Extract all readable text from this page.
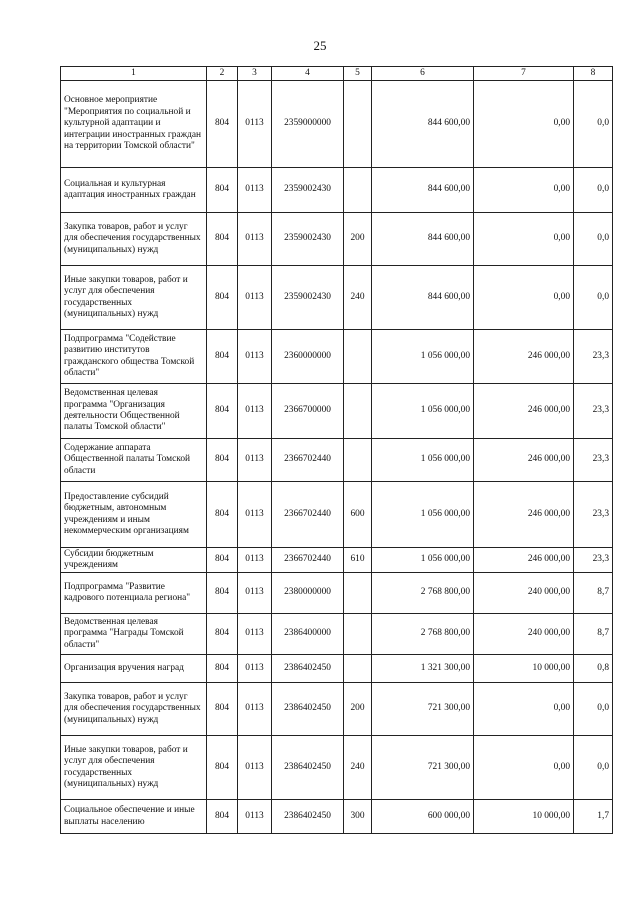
25
1	2	3	4	5	6	7	8
Основное мероприятие "Мероприятия по социальной и культурной адаптации и интеграции иностранных граждан на территории Томской области"	804	0113	2359000000		844 600,00	0,00	0,0
Социальная и культурная адаптация иностранных граждан	804	0113	2359002430		844 600,00	0,00	0,0
Закупка товаров, работ и услуг для обеспечения государственных (муниципальных) нужд	804	0113	2359002430	200	844 600,00	0,00	0,0
Иные закупки товаров, работ и услуг для обеспечения государственных (муниципальных) нужд	804	0113	2359002430	240	844 600,00	0,00	0,0
Подпрограмма "Содействие развитию институтов гражданского общества Томской области"	804	0113	2360000000		1 056 000,00	246 000,00	23,3
Ведомственная целевая программа "Организация деятельности Общественной палаты Томской области"	804	0113	2366700000		1 056 000,00	246 000,00	23,3
Содержание аппарата Общественной палаты Томской области	804	0113	2366702440		1 056 000,00	246 000,00	23,3
Предоставление субсидий бюджетным, автономным учреждениям и иным некоммерческим организациям	804	0113	2366702440	600	1 056 000,00	246 000,00	23,3
Субсидии бюджетным учреждениям	804	0113	2366702440	610	1 056 000,00	246 000,00	23,3
Подпрограмма "Развитие кадрового потенциала региона"	804	0113	2380000000		2 768 800,00	240 000,00	8,7
Ведомственная целевая программа "Награды Томской области"	804	0113	2386400000		2 768 800,00	240 000,00	8,7
Организация вручения наград	804	0113	2386402450		1 321 300,00	10 000,00	0,8
Закупка товаров, работ и услуг для обеспечения государственных (муниципальных) нужд	804	0113	2386402450	200	721 300,00	0,00	0,0
Иные закупки товаров, работ и услуг для обеспечения государственных (муниципальных) нужд	804	0113	2386402450	240	721 300,00	0,00	0,0
Социальное обеспечение и иные выплаты населению	804	0113	2386402450	300	600 000,00	10 000,00	1,7
